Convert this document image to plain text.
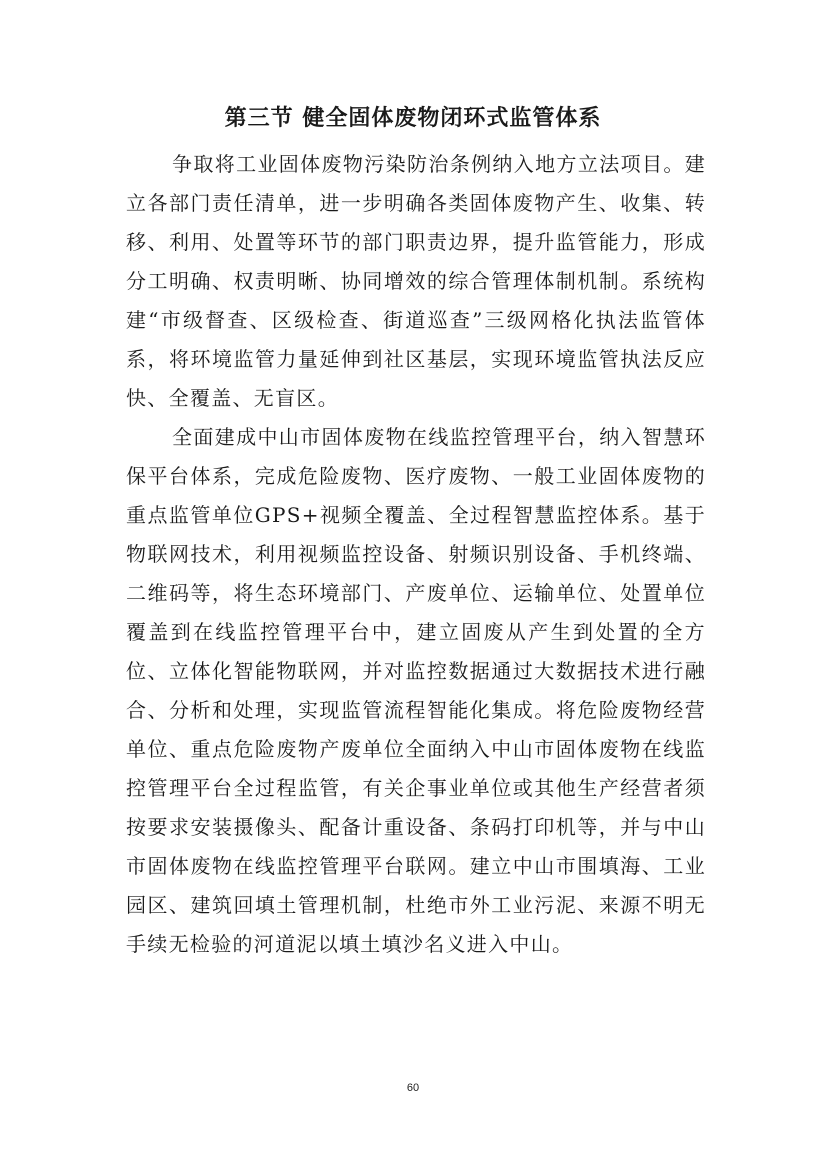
第三节 健全固体废物闭环式监管体系

争取将工业固体废物污染防治条例纳入地方立法项目。建立各部门责任清单，进一步明确各类固体废物产生、收集、转移、利用、处置等环节的部门职责边界，提升监管能力，形成分工明确、权责明晰、协同增效的综合管理体制机制。系统构建“市级督查、区级检查、街道巡查”三级网格化执法监管体系，将环境监管力量延伸到社区基层，实现环境监管执法反应快、全覆盖、无盲区。

全面建成中山市固体废物在线监控管理平台，纳入智慧环保平台体系，完成危险废物、医疗废物、一般工业固体废物的重点监管单位GPS+视频全覆盖、全过程智慧监控体系。基于物联网技术，利用视频监控设备、射频识别设备、手机终端、二维码等，将生态环境部门、产废单位、运输单位、处置单位覆盖到在线监控管理平台中，建立固废从产生到处置的全方位、立体化智能物联网，并对监控数据通过大数据技术进行融合、分析和处理，实现监管流程智能化集成。将危险废物经营单位、重点危险废物产废单位全面纳入中山市固体废物在线监控管理平台全过程监管，有关企事业单位或其他生产经营者须按要求安装摄像头、配备计重设备、条码打印机等，并与中山市固体废物在线监控管理平台联网。建立中山市围填海、工业园区、建筑回填土管理机制，杜绝市外工业污泥、来源不明无手续无检验的河道泥以填土填沙名义进入中山。

60
